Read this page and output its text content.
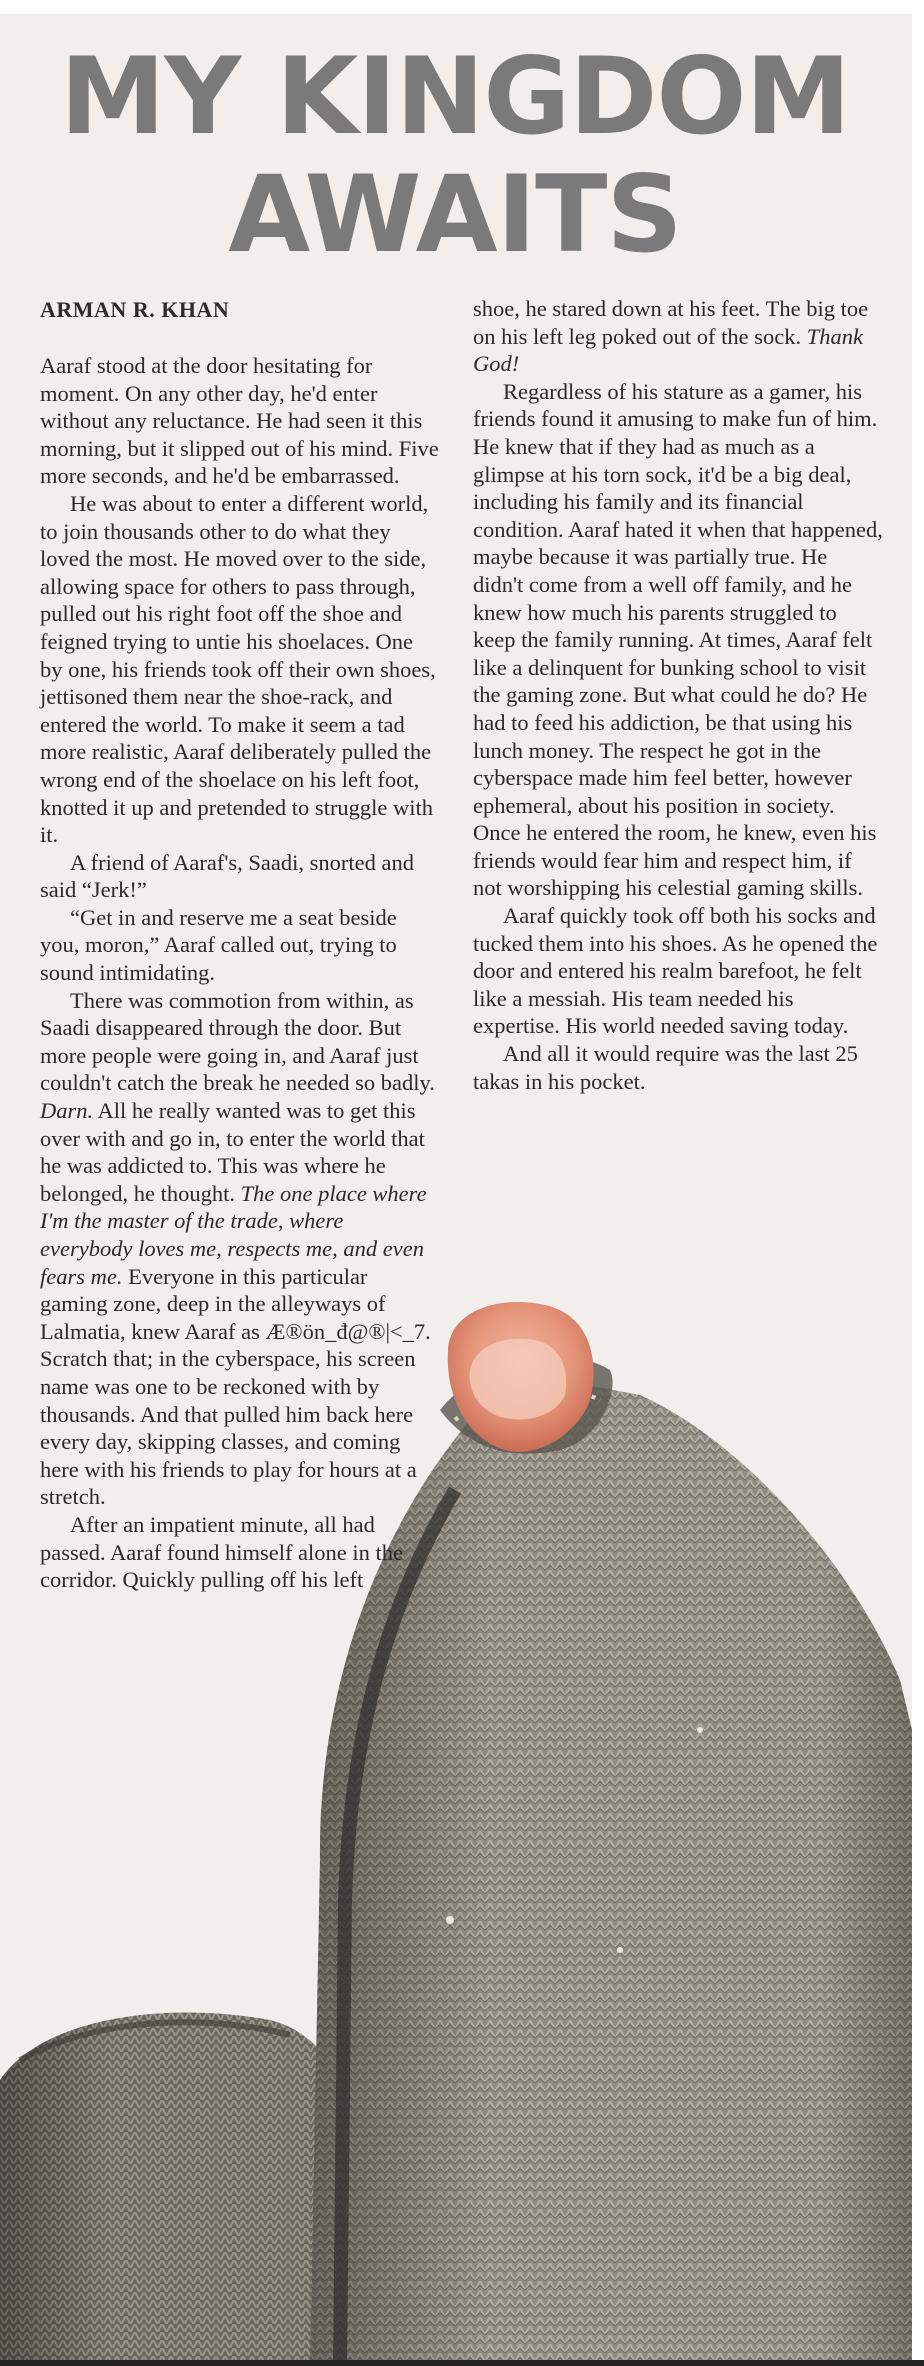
MY KINGDOM
AWAITS
ARMAN R. KHAN

Aaraf stood at the door hesitating for moment. On any other day, he'd enter without any reluctance. He had seen it this morning, but it slipped out of his mind. Five more seconds, and he'd be embarrassed.

He was about to enter a different world, to join thousands other to do what they loved the most. He moved over to the side, allowing space for others to pass through, pulled out his right foot off the shoe and feigned trying to untie his shoelaces. One by one, his friends took off their own shoes, jettisoned them near the shoe-rack, and entered the world. To make it seem a tad more realistic, Aaraf deliberately pulled the wrong end of the shoelace on his left foot, knotted it up and pretended to struggle with it.

A friend of Aaraf's, Saadi, snorted and said “Jerk!”

“Get in and reserve me a seat beside you, moron,” Aaraf called out, trying to sound intimidating.

There was commotion from within, as Saadi disappeared through the door. But more people were going in, and Aaraf just couldn't catch the break he needed so badly. Darn. All he really wanted was to get this over with and go in, to enter the world that he was addicted to. This was where he belonged, he thought. The one place where I'm the master of the trade, where everybody loves me, respects me, and even fears me. Everyone in this particular gaming zone, deep in the alleyways of Lalmatia, knew Aaraf as Æ®ön_đ@®|<_7. Scratch that; in the cyberspace, his screen name was one to be reckoned with by thousands. And that pulled him back here every day, skipping classes, and coming here with his friends to play for hours at a stretch.

After an impatient minute, all had passed. Aaraf found himself alone in the corridor. Quickly pulling off his left

shoe, he stared down at his feet. The big toe on his left leg poked out of the sock. Thank God!

Regardless of his stature as a gamer, his friends found it amusing to make fun of him. He knew that if they had as much as a glimpse at his torn sock, it'd be a big deal, including his family and its financial condition. Aaraf hated it when that happened, maybe because it was partially true. He didn't come from a well off family, and he knew how much his parents struggled to keep the family running. At times, Aaraf felt like a delinquent for bunking school to visit the gaming zone. But what could he do? He had to feed his addiction, be that using his lunch money. The respect he got in the cyberspace made him feel better, however ephemeral, about his position in society. Once he entered the room, he knew, even his friends would fear him and respect him, if not worshipping his celestial gaming skills.

Aaraf quickly took off both his socks and tucked them into his shoes. As he opened the door and entered his realm barefoot, he felt like a messiah. His team needed his expertise. His world needed saving today.

And all it would require was the last 25 takas in his pocket.
